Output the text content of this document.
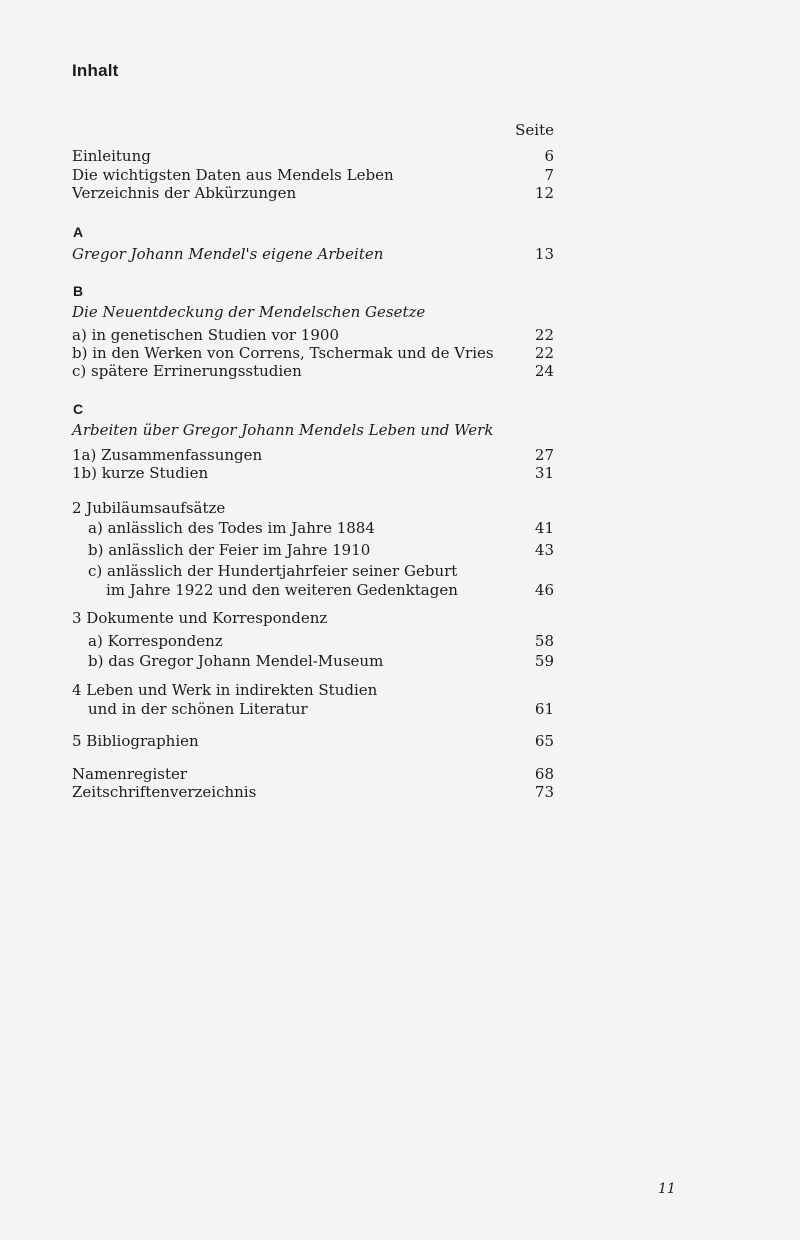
Inhalt
Seite
Einleitung	6
Die wichtigsten Daten aus Mendels Leben	7
Verzeichnis der Abkürzungen	12
A
Gregor Johann Mendel's eigene Arbeiten	13
B
Die Neuentdeckung der Mendelschen Gesetze
a) in genetischen Studien vor 1900	22
b) in den Werken von Correns, Tschermak und de Vries	22
c) spätere Errinerungsstudien	24
C
Arbeiten über Gregor Johann Mendels Leben und Werk
1a) Zusammenfassungen	27
1b) kurze Studien	31
2 Jubiläumsaufsätze
a) anlässlich des Todes im Jahre 1884	41
b) anlässlich der Feier im Jahre 1910	43
c) anlässlich der Hundertjahrfeier seiner Geburt
im Jahre 1922 und den weiteren Gedenktagen	46
3 Dokumente und Korrespondenz
a) Korrespondenz	58
b) das Gregor Johann Mendel-Museum	59
4 Leben und Werk in indirekten Studien
und in der schönen Literatur	61
5 Bibliographien	65
Namenregister	68
Zeitschriftenverzeichnis	73
11
